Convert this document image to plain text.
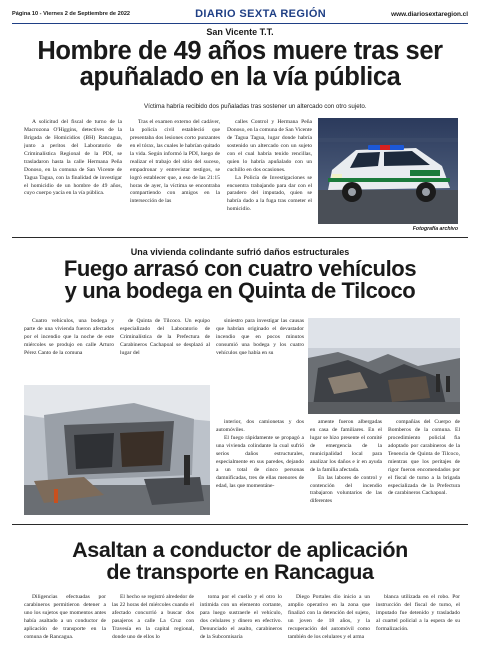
Página 10 - Viernes 2 de Septiembre de 2022	DIARIO SEXTA REGIÓN	www.diariosextaregion.cl
San Vicente T.T.
Hombre de 49 años muere tras ser
apuñalado en la vía pública
Víctima habría recibido dos puñaladas tras sostener un altercado con otro sujeto.

A solicitud del fiscal de turno de la Macrozona O'Higgins, detectives de la Brigada de Homicidios (BH) Rancagua, junto a peritos del Laboratorio de Criminalística Regional de la PDI, se trasladaron hasta la calle Hermana Peña Donoso, en la comuna de San Vicente de Tagua Tagua, con la finalidad de investigar el homicidio de un hombre de 49 años, cuyo cuerpo yacía en la vía pública.

Tras el examen externo del cadáver, la policía civil estableció que presentaba dos lesiones corto punzantes en el tórax, las cuales le habrían quitado la vida. Según informó la PDI, luego de realizar el trabajo del sitio del suceso, empadronar y entrevistar testigos, se logró establecer que, a eso de las 21:15 horas de ayer, la víctima se encontraba compartiendo con amigos en la intersección de las

calles Control y Hermana Peña Donoso, en la comuna de San Vicente de Tagua Tagua, lugar donde habría sostenido un altercado con un sujeto con el cual habría tenido rencillas, quien lo habría apuñalado con un cuchillo en dos ocasiones.

La Policía de Investigaciones se encuentra trabajando para dar con el paradero del imputado, quien se habría dado a la fuga tras cometer el homicidio.

Fotografía archivo
Una vivienda colindante sufrió daños estructurales
Fuego arrasó con cuatro vehículos
y una bodega en Quinta de Tilcoco

Cuatro vehículos, una bodega y parte de una vivienda fueron afectados por el incendio que la noche de este miércoles se produjo en calle Arturo Pérez Canto de la comuna

de Quinta de Tilcoco. Un equipo especializado del Laboratorio de Criminalística de la Prefectura de Carabineros Cachapoal se desplazó al lugar del

siniestro para investigar las causas que habrían originado el devastador incendio que en pocos minutos consumió una bodega y los cuatro vehículos que había en su

interior, dos camionetas y dos automóviles.

El fuego rápidamente se propagó a una vivienda colindante la cual sufrió serios daños estructurales, especialmente en sus paredes, dejando a un total de cinco personas damnificadas, tres de ellas menores de edad, las que momentáne-

amente fueron albergadas en casa de familiares. En el lugar se hizo presente el comité de emergencia de la municipalidad local para analizar los daños e ir en ayuda de la familia afectada.

En las labores de control y contención del incendio trabajaron voluntarios de las diferentes

compañías del Cuerpo de Bomberos de la comuna. El procedimiento policial fia adoptado por carabineros de la Tenencia de Quinta de Tilcoco, mientras que los peritajes de rigor fueron encomendados por el fiscal de turno a la brigada especializada de la Prefectura de carabineros Cachapoal.

Asaltan a conductor de aplicación
de transporte en Rancagua

Diligencias efectuadas por carabineros permitieron detener a uno los sujetos que momentos antes había asaltado a un conductor de aplicación de transporte en la comuna de Rancagua.

El hecho se registró alrededor de las 22 horas del miércoles cuando el afectado concurrió a buscar dos pasajeros a calle La Cruz con Travesía en la capital regional, donde uno de ellos lo

toma por el cuello y el otro lo intimida con un elemento cortante, para luego sustraerle el vehículo, dos celulares y dinero en efectivo. Denunciado el asalto, carabineros de la Subcomisaría

Diego Portales dio inicio a un amplio operativo en la zona que finalizó con la detención del sujeto, un joven de 18 años, y la recuperación del automóvil como también de los celulares y el arma

blanca utilizada en el robo. Por instrucción del fiscal de turno, el imputado fue detenido y trasladado al cuartel policial a la espera de su formalización.
